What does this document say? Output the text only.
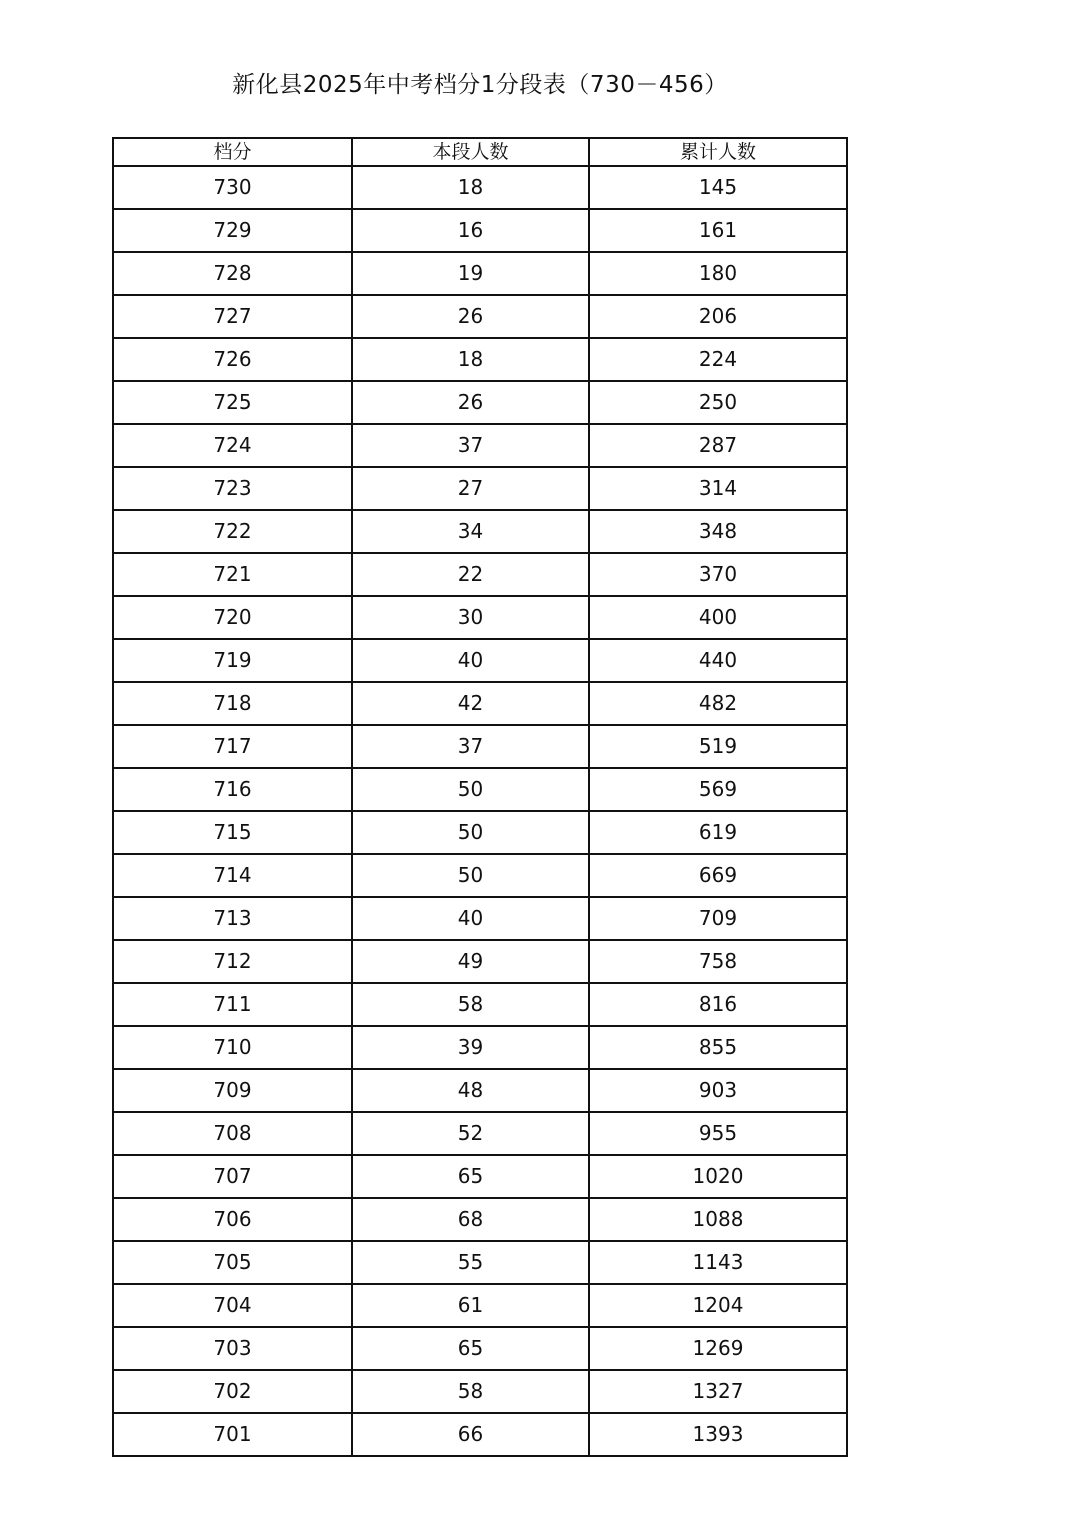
新化县2025年中考档分1分段表（730－456）
档分	本段人数	累计人数
730	18	145
729	16	161
728	19	180
727	26	206
726	18	224
725	26	250
724	37	287
723	27	314
722	34	348
721	22	370
720	30	400
719	40	440
718	42	482
717	37	519
716	50	569
715	50	619
714	50	669
713	40	709
712	49	758
711	58	816
710	39	855
709	48	903
708	52	955
707	65	1020
706	68	1088
705	55	1143
704	61	1204
703	65	1269
702	58	1327
701	66	1393
